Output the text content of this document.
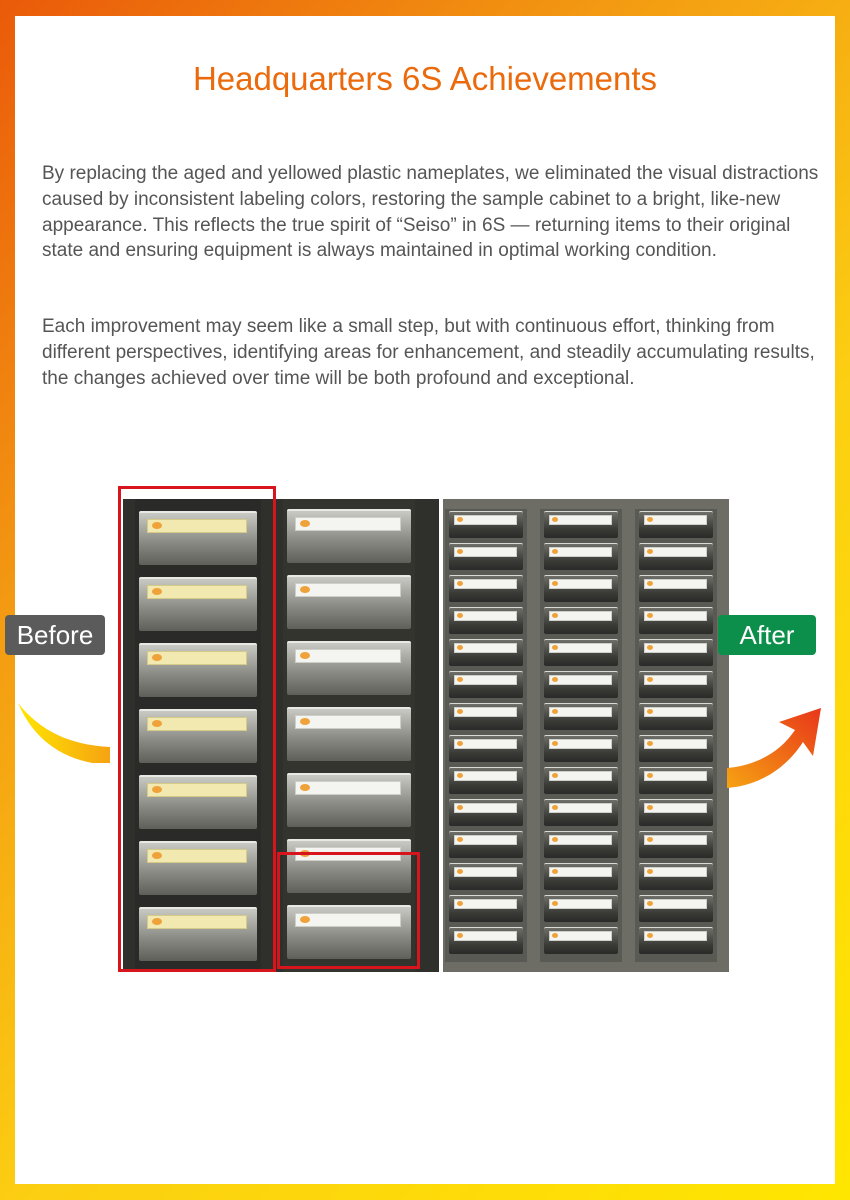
Headquarters 6S Achievements

By replacing the aged and yellowed plastic nameplates, we eliminated the visual distractions caused by inconsistent labeling colors, restoring the sample cabinet to a bright, like-new appearance. This reflects the true spirit of “Seiso” in 6S — returning items to their original state and ensuring equipment is always maintained in optimal working condition.

Each improvement may seem like a small step, but with continuous effort, thinking from different perspectives, identifying areas for enhancement, and steadily accumulating results, the changes achieved over time will be both profound and exceptional.

Before	After
